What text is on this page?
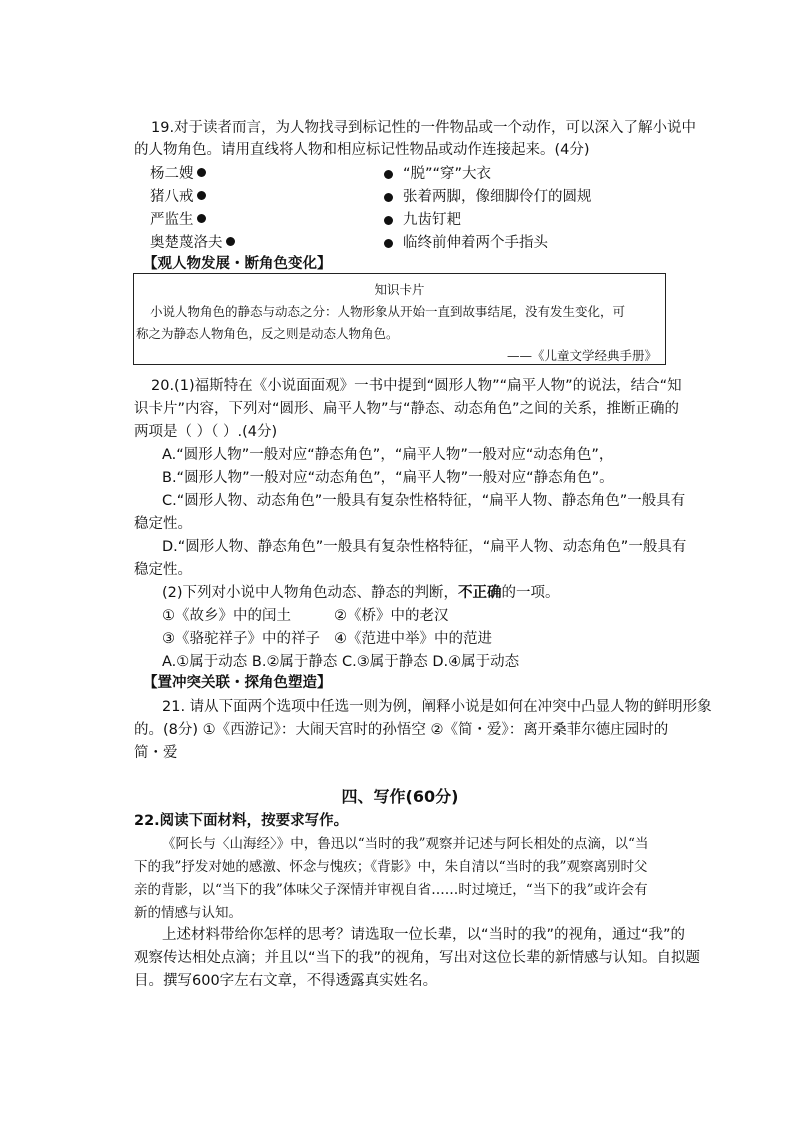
19.对于读者而言，为人物找寻到标记性的一件物品或一个动作，可以深入了解小说中
的人物角色。请用直线将人物和相应标记性物品或动作连接起来。(4分)
杨二嫂
猪八戒
严监生
奥楚蔑洛夫
“脱”“穿”大衣
张着两脚，像细脚伶仃的圆规
九齿钉耙
临终前伸着两个手指头
【观人物发展・断角色变化】
知识卡片
小说人物角色的静态与动态之分：人物形象从开始一直到故事结尾，没有发生变化，可
称之为静态人物角色，反之则是动态人物角色。
——《儿童文学经典手册》
20.(1)福斯特在《小说面面观》一书中提到“圆形人物”“扁平人物”的说法，结合“知
识卡片”内容，下列对“圆形、扁平人物”与“静态、动态角色”之间的关系，推断正确的
两项是（ ）（ ）.(4分)
A.“圆形人物”一般对应“静态角色”，“扁平人物”一般对应“动态角色”，
B.“圆形人物”一般对应“动态角色”，“扁平人物”一般对应“静态角色”。
C.“圆形人物、动态角色”一般具有复杂性格特征，“扁平人物、静态角色”一般具有
稳定性。
D.“圆形人物、静态角色”一般具有复杂性格特征，“扁平人物、动态角色”一般具有
稳定性。
(2)下列对小说中人物角色动态、静态的判断，不正确的一项。
①《故乡》中的闰土	②《桥》中的老汉
③《骆驼祥子》中的祥子 ④《范进中举》中的范进
A.①属于动态 B.②属于静态 C.③属于静态 D.④属于动态
【置冲突关联・探角色塑造】
21. 请从下面两个选项中任选一则为例，阐释小说是如何在冲突中凸显人物的鲜明形象
的。(8分) ①《西游记》：大闹天宫时的孙悟空 ②《简・爱》：离开桑菲尔德庄园时的
简・爱
四、写作(60分)
22.阅读下面材料，按要求写作。
《阿长与〈山海经〉》中，鲁迅以“当时的我”观察并记述与阿长相处的点滴，以“当
下的我”抒发对她的感激、怀念与愧疚；《背影》中，朱自清以“当时的我”观察离别时父
亲的背影，以“当下的我”体味父子深情并审视自省……时过境迁，“当下的我”或许会有
新的情感与认知。
上述材料带给你怎样的思考？请选取一位长辈，以“当时的我”的视角，通过“我”的
观察传达相处点滴；并且以“当下的我”的视角，写出对这位长辈的新情感与认知。自拟题
目。撰写600字左右文章，不得透露真实姓名。
